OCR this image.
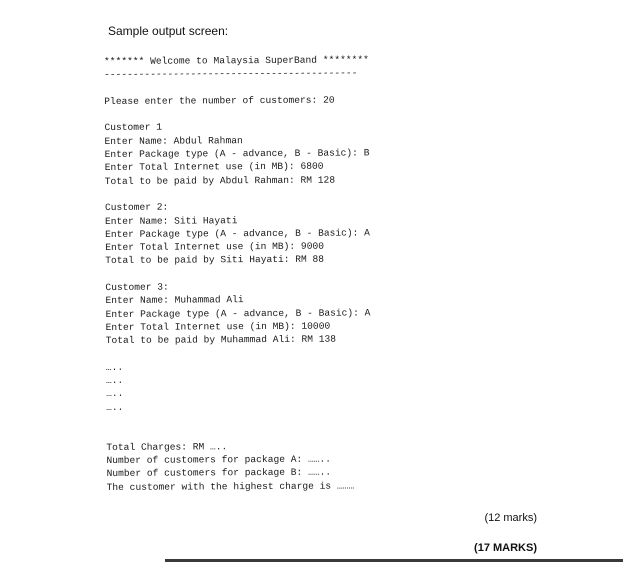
Sample output screen:
******* Welcome to Malaysia SuperBand ********
--------------------------------------------
Please enter the number of customers: 20
Customer 1
Enter Name: Abdul Rahman
Enter Package type (A - advance, B - Basic): B
Enter Total Internet use (in MB): 6800
Total to be paid by Abdul Rahman: RM 128
Customer 2:
Enter Name: Siti Hayati
Enter Package type (A - advance, B - Basic): A
Enter Total Internet use (in MB): 9000
Total to be paid by Siti Hayati: RM 88
Customer 3:
Enter Name: Muhammad Ali
Enter Package type (A - advance, B - Basic): A
Enter Total Internet use (in MB): 10000
Total to be paid by Muhammad Ali: RM 138
…..
…..
…..
…..
Total Charges: RM …..
Number of customers for package A: ……..
Number of customers for package B: ……..
The customer with the highest charge is ………
(12 marks)
(17 MARKS)
